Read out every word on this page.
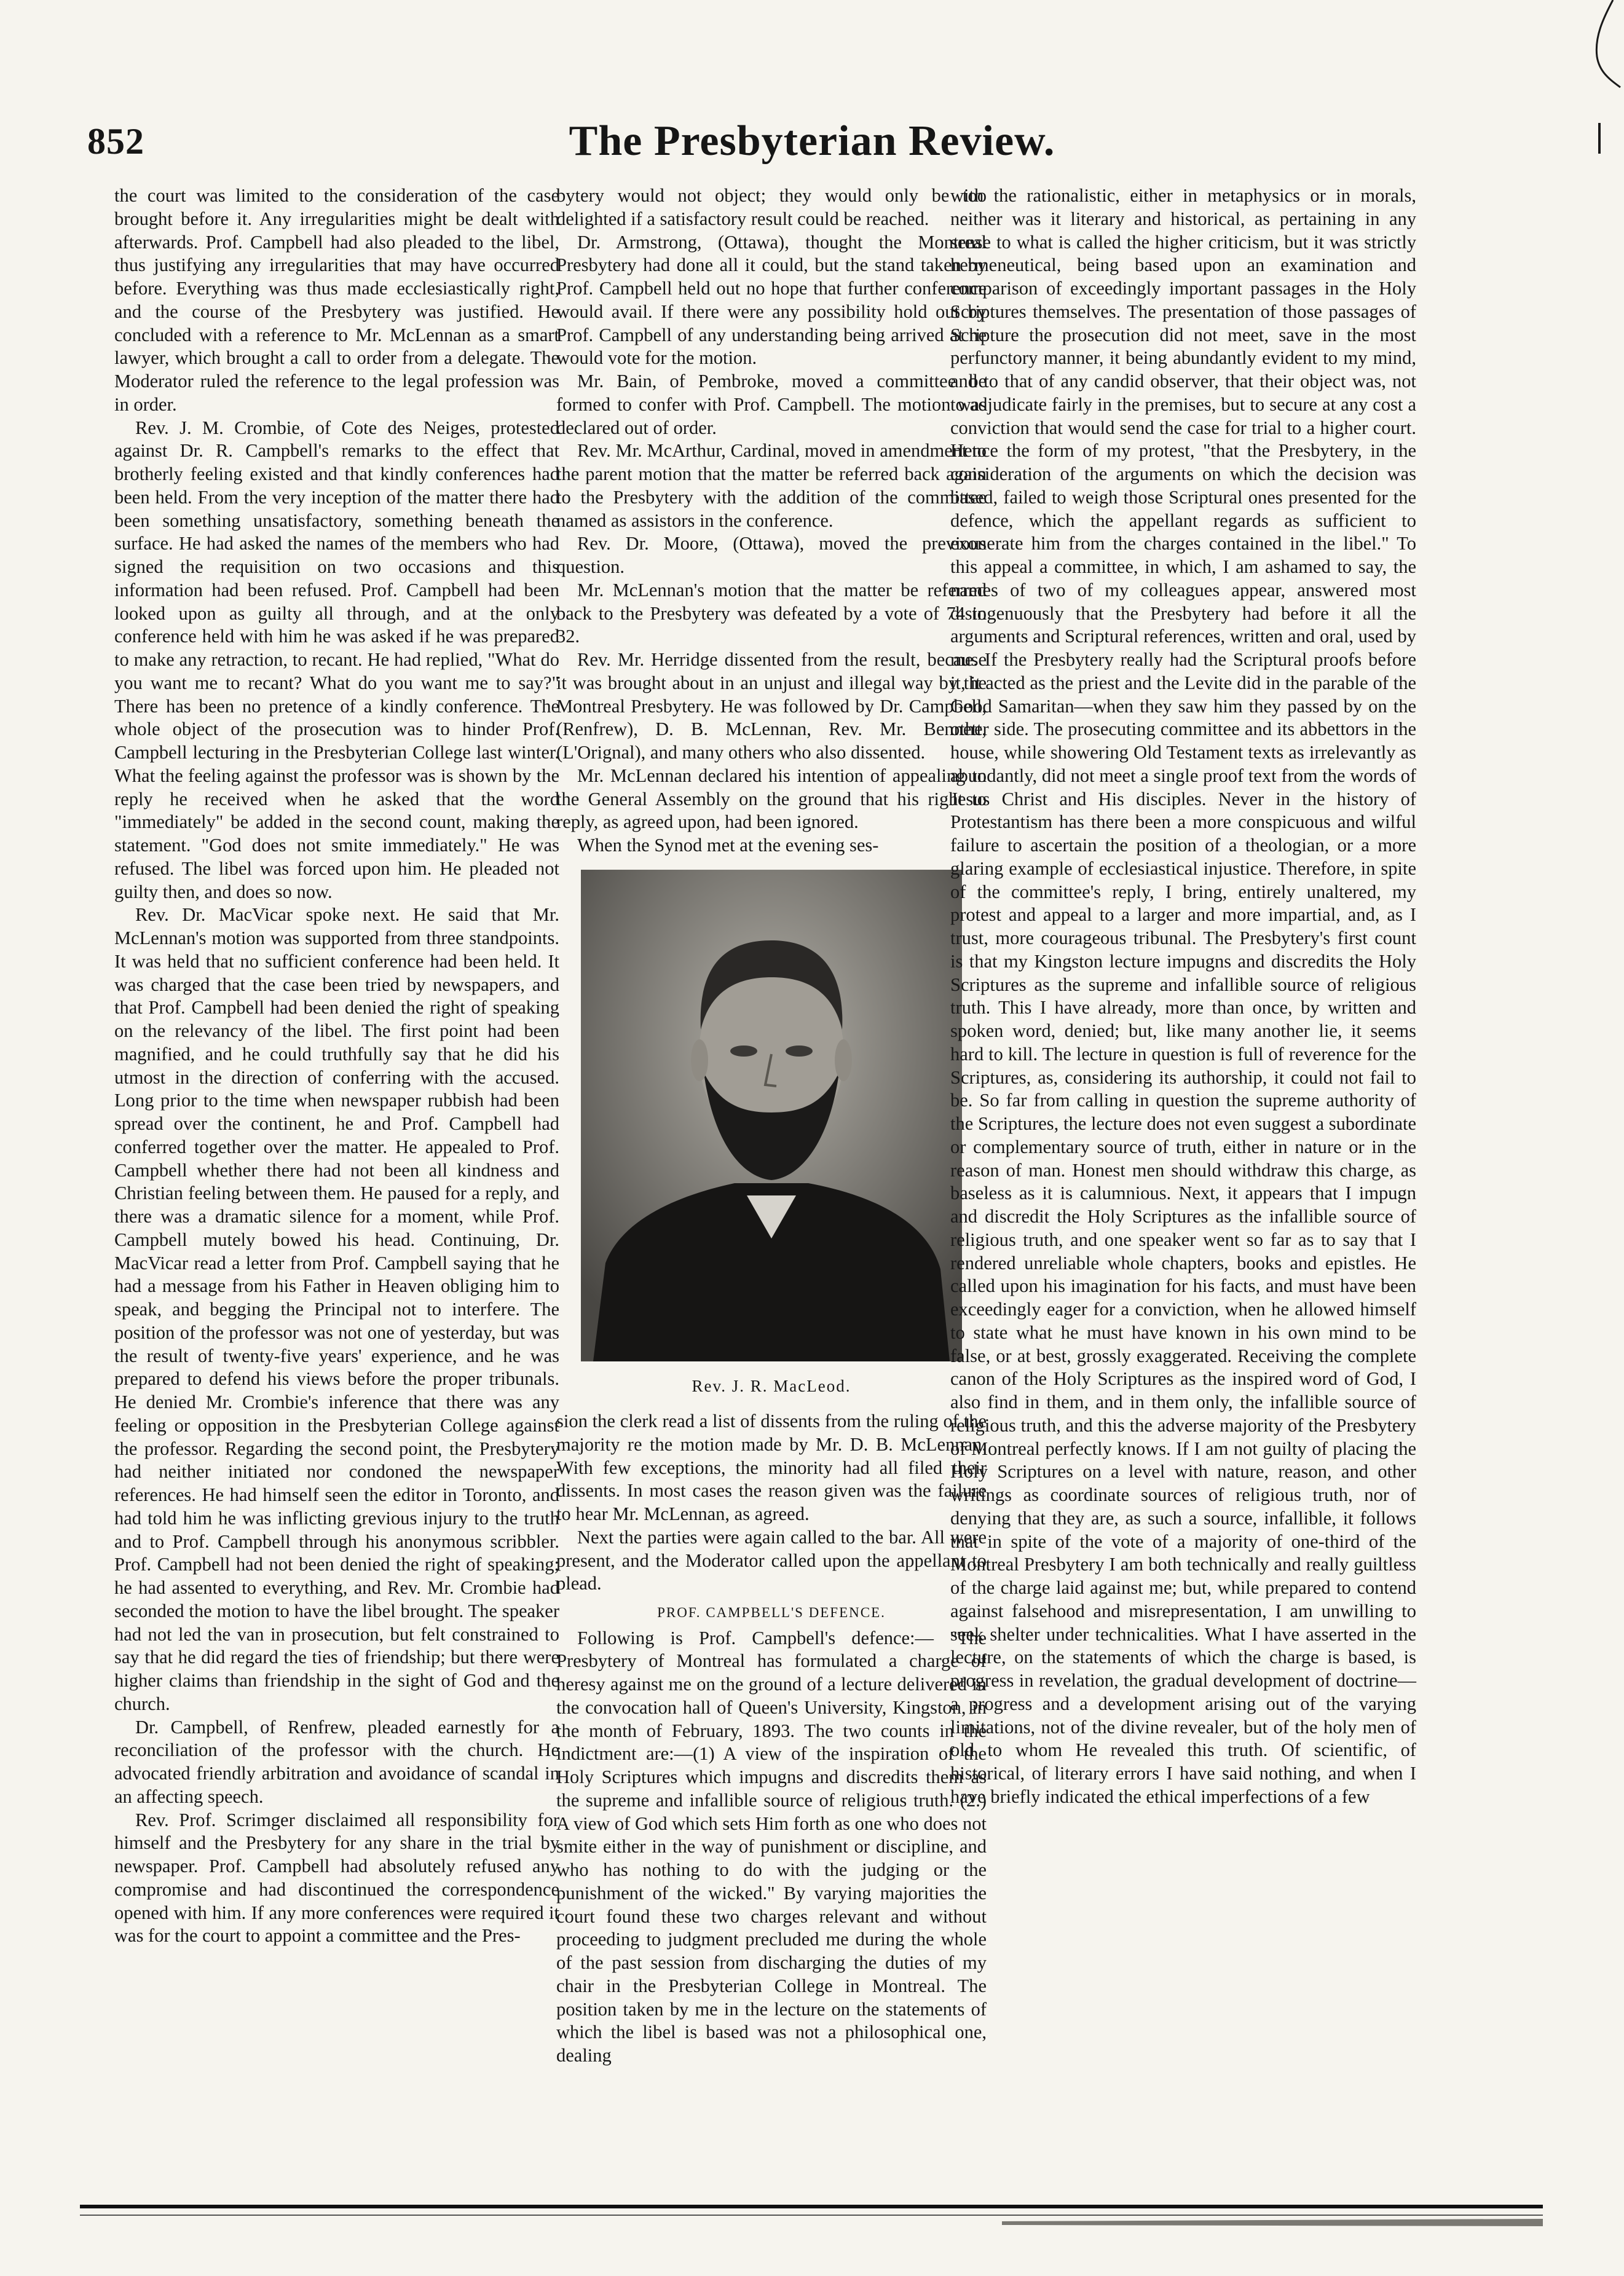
852	The Presbyterian Review.

the court was limited to the consideration of the case brought before it. Any irregularities might be dealt with afterwards. Prof. Campbell had also pleaded to the libel, thus justifying any irregularities that may have occurred before. Everything was thus made ecclesiastically right, and the course of the Presbytery was justified. He concluded with a reference to Mr. McLennan as a smart lawyer, which brought a call to order from a delegate. The Moderator ruled the reference to the legal profession was in order.

Rev. J. M. Crombie, of Cote des Neiges, protested against Dr. R. Campbell's remarks to the effect that brotherly feeling existed and that kindly conferences had been held. From the very inception of the matter there had been something unsatisfactory, something beneath the surface. He had asked the names of the members who had signed the requisition on two occasions and this information had been refused. Prof. Campbell had been looked upon as guilty all through, and at the only conference held with him he was asked if he was prepared to make any retraction, to recant. He had replied, "What do you want me to recant? What do you want me to say?" There has been no pretence of a kindly conference. The whole object of the prosecution was to hinder Prof. Campbell lecturing in the Presbyterian College last winter. What the feeling against the professor was is shown by the reply he received when he asked that the word "immediately" be added in the second count, making the statement. "God does not smite immediately." He was refused. The libel was forced upon him. He pleaded not guilty then, and does so now.

Rev. Dr. MacVicar spoke next. He said that Mr. McLennan's motion was supported from three standpoints. It was held that no sufficient conference had been held. It was charged that the case been tried by newspapers, and that Prof. Campbell had been denied the right of speaking on the relevancy of the libel. The first point had been magnified, and he could truthfully say that he did his utmost in the direction of conferring with the accused. Long prior to the time when newspaper rubbish had been spread over the continent, he and Prof. Campbell had conferred together over the matter. He appealed to Prof. Campbell whether there had not been all kindness and Christian feeling between them. He paused for a reply, and there was a dramatic silence for a moment, while Prof. Campbell mutely bowed his head. Continuing, Dr. MacVicar read a letter from Prof. Campbell saying that he had a message from his Father in Heaven obliging him to speak, and begging the Principal not to interfere. The position of the professor was not one of yesterday, but was the result of twenty-five years' experience, and he was prepared to defend his views before the proper tribunals. He denied Mr. Crombie's inference that there was any feeling or opposition in the Presbyterian College against the professor. Regarding the second point, the Presbytery had neither initiated nor condoned the newspaper references. He had himself seen the editor in Toronto, and had told him he was inflicting grevious injury to the truth and to Prof. Campbell through his anonymous scribbler. Prof. Campbell had not been denied the right of speaking; he had assented to everything, and Rev. Mr. Crombie had seconded the motion to have the libel brought. The speaker had not led the van in prosecution, but felt constrained to say that he did regard the ties of friendship; but there were higher claims than friendship in the sight of God and the church.

Dr. Campbell, of Renfrew, pleaded earnestly for a reconciliation of the professor with the church. He advocated friendly arbitration and avoidance of scandal in an affecting speech.

Rev. Prof. Scrimger disclaimed all responsibility for himself and the Presbytery for any share in the trial by newspaper. Prof. Campbell had absolutely refused any compromise and had discontinued the correspondence opened with him. If any more conferences were required it was for the court to appoint a committee and the Pres-

bytery would not object; they would only be too delighted if a satisfactory result could be reached.

Dr. Armstrong, (Ottawa), thought the Montreal Presbytery had done all it could, but the stand taken by Prof. Campbell held out no hope that further conference would avail. If there were any possibility hold out by Prof. Campbell of any understanding being arrived at he would vote for the motion.

Mr. Bain, of Pembroke, moved a committee be formed to confer with Prof. Campbell. The motion was declared out of order.

Rev. Mr. McArthur, Cardinal, moved in amendment to the parent motion that the matter be referred back again to the Presbytery with the addition of the committee named as assistors in the conference.

Rev. Dr. Moore, (Ottawa), moved the previous question.

Mr. McLennan's motion that the matter be referred back to the Presbytery was defeated by a vote of 74 to 32.

Rev. Mr. Herridge dissented from the result, because it was brought about in an unjust and illegal way by the Montreal Presbytery. He was followed by Dr. Campbell, (Renfrew), D. B. McLennan, Rev. Mr. Bennett, (L'Orignal), and many others who also dissented.

Mr. McLennan declared his intention of appealing to the General Assembly on the ground that his right to reply, as agreed upon, had been ignored.

When the Synod met at the evening ses-

Rev. J. R. MacLeod.

sion the clerk read a list of dissents from the ruling of the majority re the motion made by Mr. D. B. McLennan. With few exceptions, the minority had all filed their dissents. In most cases the reason given was the failure to hear Mr. McLennan, as agreed.

Next the parties were again called to the bar. All were present, and the Moderator called upon the appellant to plead.

PROF. CAMPBELL'S DEFENCE.

Following is Prof. Campbell's defence:— "The Presbytery of Montreal has formulated a charge of heresy against me on the ground of a lecture delivered in the convocation hall of Queen's University, Kingston, in the month of February, 1893. The two counts in the indictment are:—(1) A view of the inspiration of the Holy Scriptures which impugns and discredits them as the supreme and infallible source of religious truth. (2.) A view of God which sets Him forth as one who does not smite either in the way of punishment or discipline, and who has nothing to do with the judging or the punishment of the wicked." By varying majorities the court found these two charges relevant and without proceeding to judgment precluded me during the whole of the past session from discharging the duties of my chair in the Presbyterian College in Montreal. The position taken by me in the lecture on the statements of which the libel is based was not a philosophical one, dealing

with the rationalistic, either in metaphysics or in morals, neither was it literary and historical, as pertaining in any sense to what is called the higher criticism, but it was strictly hermeneutical, being based upon an examination and comparison of exceedingly important passages in the Holy Scriptures themselves. The presentation of those passages of Scripture the prosecution did not meet, save in the most perfunctory manner, it being abundantly evident to my mind, and to that of any candid observer, that their object was, not to adjudicate fairly in the premises, but to secure at any cost a conviction that would send the case for trial to a higher court. Hence the form of my protest, "that the Presbytery, in the consideration of the arguments on which the decision was based, failed to weigh those Scriptural ones presented for the defence, which the appellant regards as sufficient to exonerate him from the charges contained in the libel." To this appeal a committee, in which, I am ashamed to say, the names of two of my colleagues appear, answered most disingenuously that the Presbytery had before it all the arguments and Scriptural references, written and oral, used by me. If the Presbytery really had the Scriptural proofs before it, it acted as the priest and the Levite did in the parable of the Good Samaritan—when they saw him they passed by on the other side. The prosecuting committee and its abbettors in the house, while showering Old Testament texts as irrelevantly as abundantly, did not meet a single proof text from the words of Jesus Christ and His disciples. Never in the history of Protestantism has there been a more conspicuous and wilful failure to ascertain the position of a theologian, or a more glaring example of ecclesiastical injustice. Therefore, in spite of the committee's reply, I bring, entirely unaltered, my protest and appeal to a larger and more impartial, and, as I trust, more courageous tribunal. The Presbytery's first count is that my Kingston lecture impugns and discredits the Holy Scriptures as the supreme and infallible source of religious truth. This I have already, more than once, by written and spoken word, denied; but, like many another lie, it seems hard to kill. The lecture in question is full of reverence for the Scriptures, as, considering its authorship, it could not fail to be. So far from calling in question the supreme authority of the Scriptures, the lecture does not even suggest a subordinate or complementary source of truth, either in nature or in the reason of man. Honest men should withdraw this charge, as baseless as it is calumnious. Next, it appears that I impugn and discredit the Holy Scriptures as the infallible source of religious truth, and one speaker went so far as to say that I rendered unreliable whole chapters, books and epistles. He called upon his imagination for his facts, and must have been exceedingly eager for a conviction, when he allowed himself to state what he must have known in his own mind to be false, or at best, grossly exaggerated. Receiving the complete canon of the Holy Scriptures as the inspired word of God, I also find in them, and in them only, the infallible source of religious truth, and this the adverse majority of the Presbytery of Montreal perfectly knows. If I am not guilty of placing the Holy Scriptures on a level with nature, reason, and other writings as coordinate sources of religious truth, nor of denying that they are, as such a source, infallible, it follows that in spite of the vote of a majority of one-third of the Montreal Presbytery I am both technically and really guiltless of the charge laid against me; but, while prepared to contend against falsehood and misrepresentation, I am unwilling to seek shelter under technicalities. What I have asserted in the lecture, on the statements of which the charge is based, is progress in revelation, the gradual development of doctrine—a progress and a development arising out of the varying limitations, not of the divine revealer, but of the holy men of old to whom He revealed this truth. Of scientific, of historical, of literary errors I have said nothing, and when I have briefly indicated the ethical imperfections of a few
